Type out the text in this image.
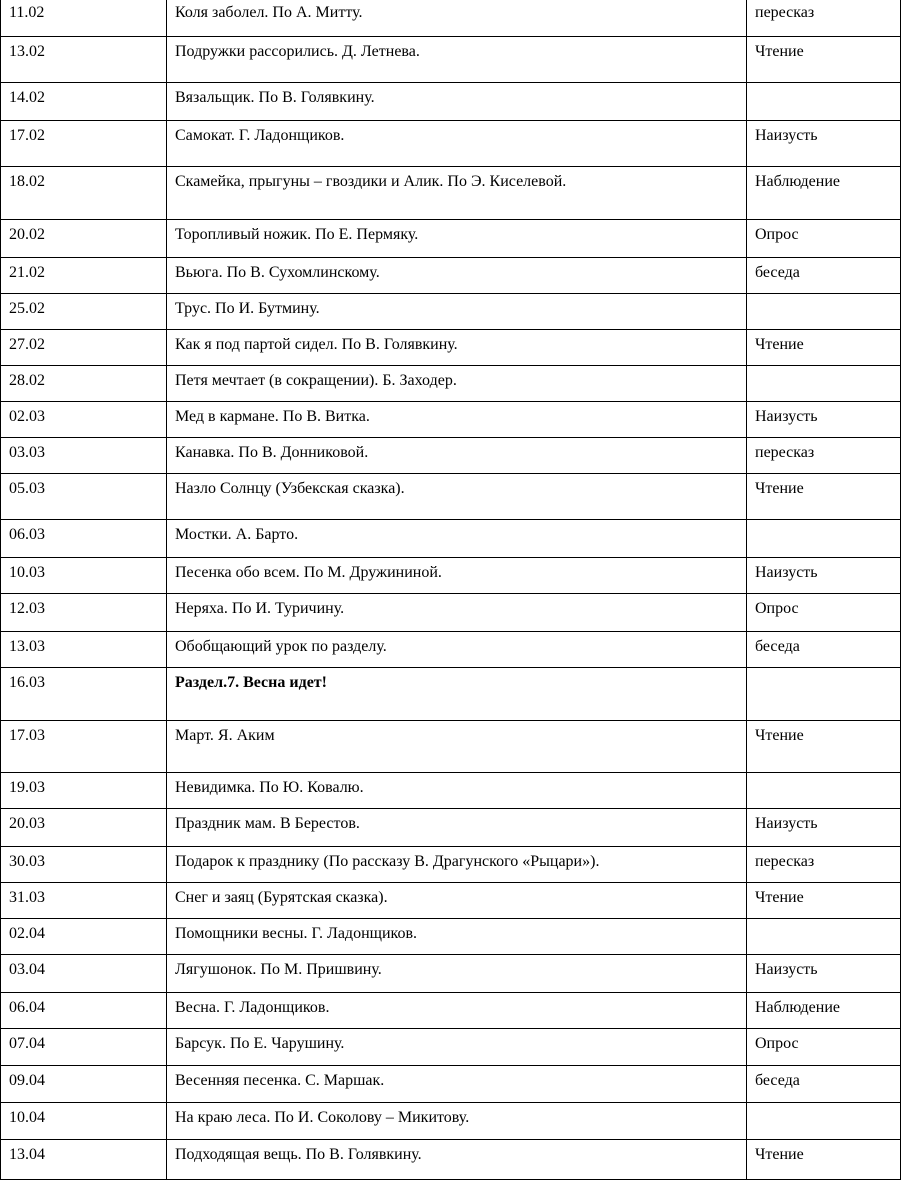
11.02	Коля заболел. По А. Митту.	пересказ
13.02	Подружки рассорились. Д. Летнева.	Чтение
14.02	Вязальщик. По В. Голявкину.	
17.02	Самокат. Г. Ладонщиков.	Наизусть
18.02	Скамейка, прыгуны – гвоздики и Алик. По Э. Киселевой.	Наблюдение
20.02	Торопливый ножик. По Е. Пермяку.	Опрос
21.02	Вьюга. По В. Сухомлинскому.	беседа
25.02	Трус. По И. Бутмину.	
27.02	Как я под партой сидел. По В. Голявкину.	Чтение
28.02	Петя мечтает (в сокращении). Б. Заходер.	
02.03	Мед в кармане. По В. Витка.	Наизусть
03.03	Канавка. По В. Донниковой.	пересказ
05.03	Назло Солнцу (Узбекская сказка).	Чтение
06.03	Мостки. А. Барто.	
10.03	Песенка обо всем. По М. Дружининой.	Наизусть
12.03	Неряха. По И. Туричину.	Опрос
13.03	Обобщающий урок по разделу.	беседа
16.03	Раздел.7. Весна идет!	
17.03	Март. Я. Аким	Чтение
19.03	Невидимка. По Ю. Ковалю.	
20.03	Праздник мам. В Берестов.	Наизусть
30.03	Подарок к празднику (По рассказу В. Драгунского «Рыцари»).	пересказ
31.03	Снег и заяц (Бурятская сказка).	Чтение
02.04	Помощники весны. Г. Ладонщиков.	
03.04	Лягушонок. По М. Пришвину.	Наизусть
06.04	Весна. Г. Ладонщиков.	Наблюдение
07.04	Барсук. По Е. Чарушину.	Опрос
09.04	Весенняя песенка. С. Маршак.	беседа
10.04	На краю леса. По И. Соколову – Микитову.	
13.04	Подходящая вещь. По В. Голявкину.	Чтение
